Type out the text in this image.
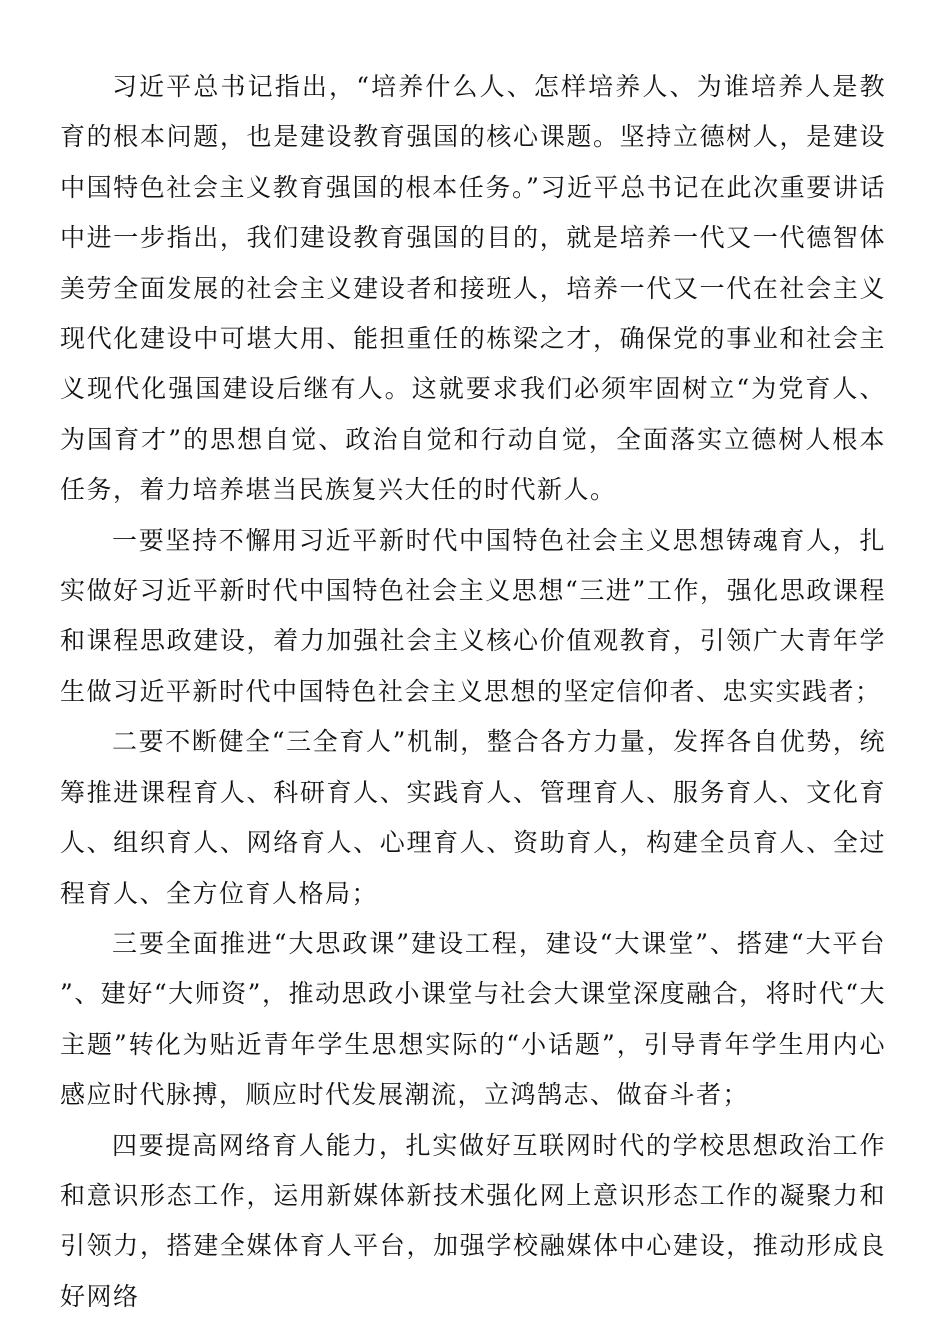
习近平总书记指出，“培养什么人、怎样培养人、为谁培养人是教育的根本问题，也是建设教育强国的核心课题。坚持立德树人，是建设中国特色社会主义教育强国的根本任务。”习近平总书记在此次重要讲话中进一步指出，我们建设教育强国的目的，就是培养一代又一代德智体美劳全面发展的社会主义建设者和接班人，培养一代又一代在社会主义现代化建设中可堪大用、能担重任的栋梁之才，确保党的事业和社会主义现代化强国建设后继有人。这就要求我们必须牢固树立“为党育人、为国育才”的思想自觉、政治自觉和行动自觉，全面落实立德树人根本任务，着力培养堪当民族复兴大任的时代新人。

一要坚持不懈用习近平新时代中国特色社会主义思想铸魂育人，扎实做好习近平新时代中国特色社会主义思想“三进”工作，强化思政课程和课程思政建设，着力加强社会主义核心价值观教育，引领广大青年学生做习近平新时代中国特色社会主义思想的坚定信仰者、忠实实践者；

二要不断健全“三全育人”机制，整合各方力量，发挥各自优势，统筹推进课程育人、科研育人、实践育人、管理育人、服务育人、文化育人、组织育人、网络育人、心理育人、资助育人，构建全员育人、全过程育人、全方位育人格局；

三要全面推进“大思政课”建设工程，建设“大课堂”、搭建“大平台”、建好“大师资”，推动思政小课堂与社会大课堂深度融合，将时代“大主题”转化为贴近青年学生思想实际的“小话题”，引导青年学生用内心感应时代脉搏，顺应时代发展潮流，立鸿鹄志、做奋斗者；

四要提高网络育人能力，扎实做好互联网时代的学校思想政治工作和意识形态工作，运用新媒体新技术强化网上意识形态工作的凝聚力和引领力，搭建全媒体育人平台，加强学校融媒体中心建设，推动形成良好网络
